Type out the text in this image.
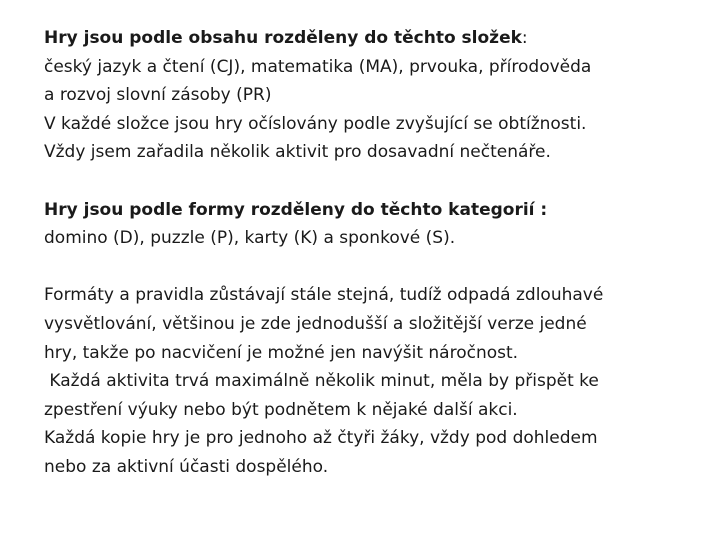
Hry jsou podle obsahu rozděleny do těchto složek:
český jazyk a čtení (CJ), matematika (MA), prvouka, přírodověda
a rozvoj slovní zásoby (PR)
V každé složce jsou hry očíslovány podle zvyšující se obtížnosti.
Vždy jsem zařadila několik aktivit pro dosavadní nečtenáře.
Hry jsou podle formy rozděleny do těchto kategorií :
domino (D), puzzle (P), karty (K) a sponkové (S).
Formáty a pravidla zůstávají stále stejná, tudíž odpadá zdlouhavé
vysvětlování, většinou je zde jednodušší a složitější verze jedné
hry, takže po nacvičení je možné jen navýšit náročnost.
Každá aktivita trvá maximálně několik minut, měla by přispět ke
zpestření výuky nebo být podnětem k nějaké další akci.
Každá kopie hry je pro jednoho až čtyři žáky, vždy pod dohledem
nebo za aktivní účasti dospělého.
